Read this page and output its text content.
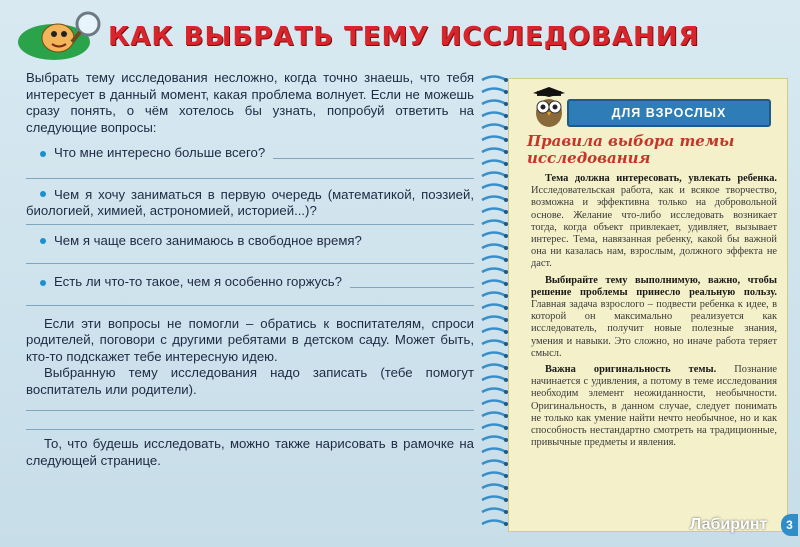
КАК ВЫБРАТЬ ТЕМУ ИССЛЕДОВАНИЯ

Выбрать тему исследования несложно, когда точно знаешь, что тебя интересует в данный момент, какая проблема волнует. Если не можешь сразу понять, о чём хотелось бы узнать, попробуй ответить на следующие вопросы:

Что мне интересно больше всего?

Чем я хочу заниматься в первую очередь (математикой, поэзией, биологией, химией, астрономией, историей...)?

Чем я чаще всего занимаюсь в свободное время?

Есть ли что-то такое, чем я особенно горжусь?

Если эти вопросы не помогли – обратись к воспитателям, спроси родителей, поговори с другими ребятами в детском саду. Может быть, кто-то подскажет тебе интересную идею.

Выбранную тему исследования надо записать (тебе помогут воспитатель или родители).

То, что будешь исследовать, можно также нарисовать в рамочке на следующей странице.

ДЛЯ ВЗРОСЛЫХ
Правила выбора темы исследования

Тема должна интересовать, увлекать ребенка. Исследовательская работа, как и всякое творчество, возможна и эффективна только на добровольной основе. Желание что-либо исследовать возникает тогда, когда объект привлекает, удивляет, вызывает интерес. Тема, навязанная ребенку, какой бы важной она ни казалась нам, взрослым, должного эффекта не даст.

Выбирайте тему выполнимую, важно, чтобы решение проблемы принесло реальную пользу. Главная задача взрослого – подвести ребенка к идее, в которой он максимально реализуется как исследователь, получит новые полезные знания, умения и навыки. Это сложно, но иначе работа теряет смысл.

Важна оригинальность темы. Познание начинается с удивления, а потому в теме исследования необходим элемент неожиданности, необычности. Оригинальность, в данном случае, следует понимать не только как умение найти нечто необычное, но и как способность нестандартно смотреть на традиционные, привычные предметы и явления.

Лабиринт	3
